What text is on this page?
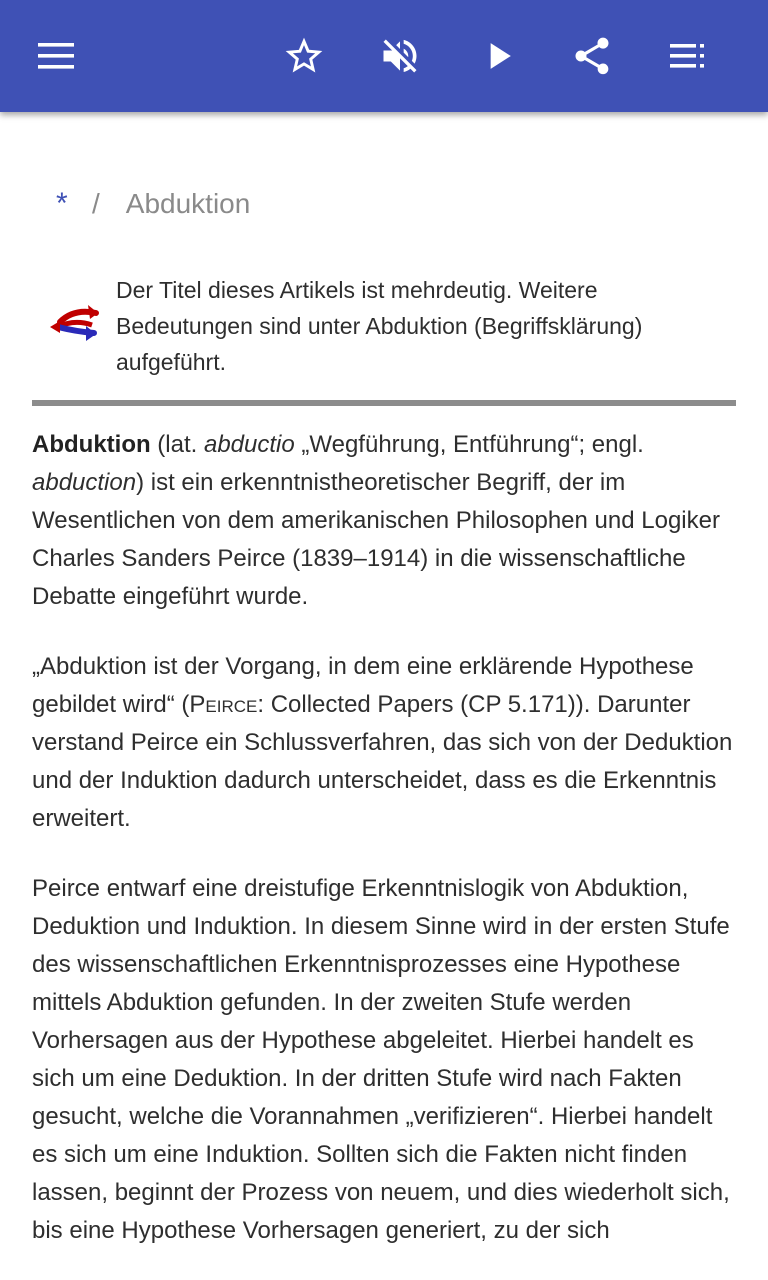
* / Abduktion
Der Titel dieses Artikels ist mehrdeutig. Weitere Bedeutungen sind unter Abduktion (Begriffsklärung) aufgeführt.
Abduktion (lat. abductio „Wegführung, Entführung“; engl. abduction) ist ein erkenntnistheoretischer Begriff, der im Wesentlichen von dem amerikanischen Philosophen und Logiker Charles Sanders Peirce (1839–1914) in die wissenschaftliche Debatte eingeführt wurde.
„Abduktion ist der Vorgang, in dem eine erklärende Hypothese gebildet wird“ (Peirce: Collected Papers (CP 5.171)). Darunter verstand Peirce ein Schlussverfahren, das sich von der Deduktion und der Induktion dadurch unterscheidet, dass es die Erkenntnis erweitert.
Peirce entwarf eine dreistufige Erkenntnislogik von Abduktion, Deduktion und Induktion. In diesem Sinne wird in der ersten Stufe des wissenschaftlichen Erkenntnisprozesses eine Hypothese mittels Abduktion gefunden. In der zweiten Stufe werden Vorhersagen aus der Hypothese abgeleitet. Hierbei handelt es sich um eine Deduktion. In der dritten Stufe wird nach Fakten gesucht, welche die Vorannahmen „verifizieren“. Hierbei handelt es sich um eine Induktion. Sollten sich die Fakten nicht finden lassen, beginnt der Prozess von neuem, und dies wiederholt sich, bis eine Hypothese Vorhersagen generiert, zu der sich
